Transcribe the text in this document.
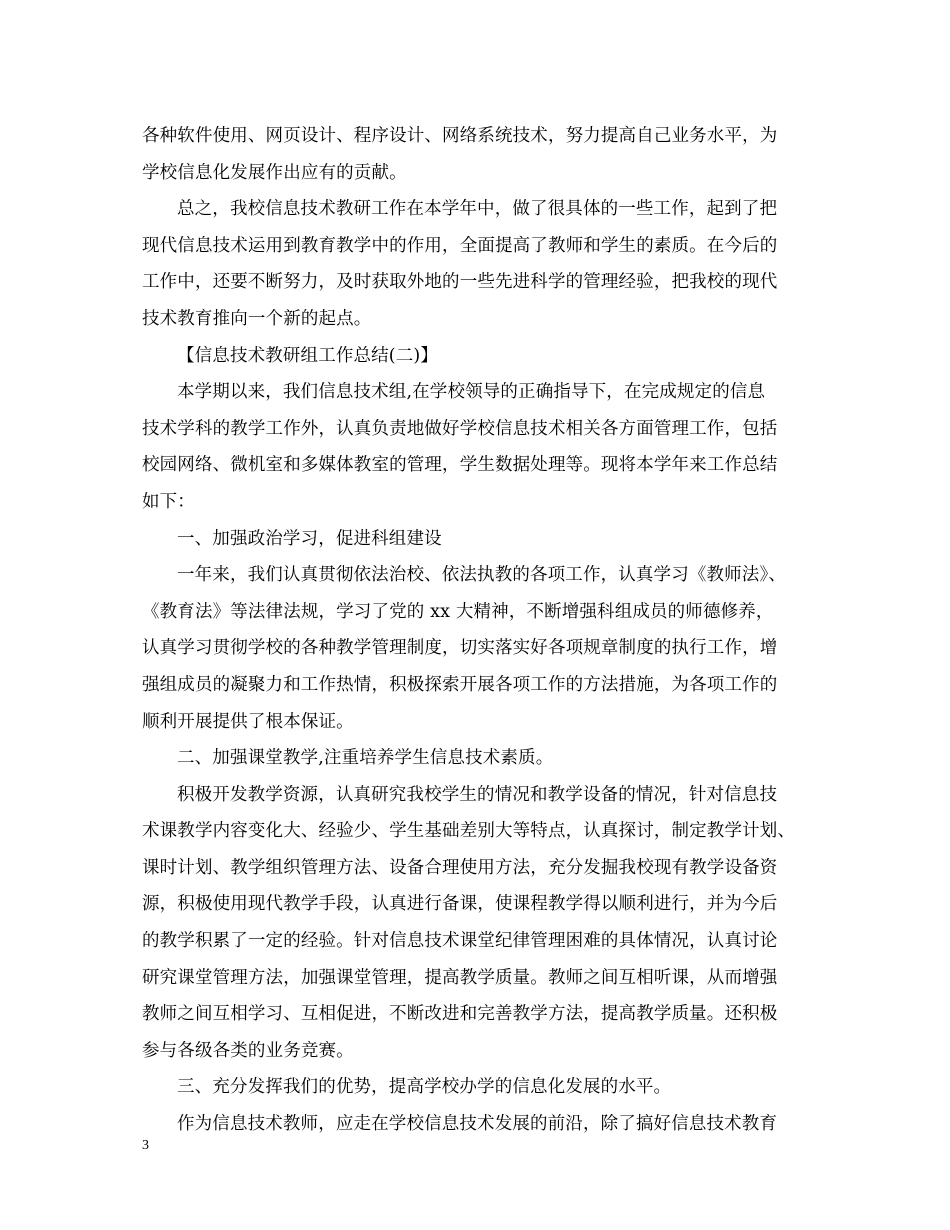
各种软件使用、网页设计、程序设计、网络系统技术，努力提高自己业务水平，为
学校信息化发展作出应有的贡献。
总之，我校信息技术教研工作在本学年中，做了很具体的一些工作，起到了把
现代信息技术运用到教育教学中的作用，全面提高了教师和学生的素质。在今后的
工作中，还要不断努力，及时获取外地的一些先进科学的管理经验，把我校的现代
技术教育推向一个新的起点。
【信息技术教研组工作总结(二)】
本学期以来，我们信息技术组,在学校领导的正确指导下，在完成规定的信息
技术学科的教学工作外，认真负责地做好学校信息技术相关各方面管理工作，包括
校园网络、微机室和多媒体教室的管理，学生数据处理等。现将本学年来工作总结
如下：
一、加强政治学习，促进科组建设
一年来，我们认真贯彻依法治校、依法执教的各项工作，认真学习《教师法》、
《教育法》等法律法规，学习了党的 xx 大精神，不断增强科组成员的师德修养，
认真学习贯彻学校的各种教学管理制度，切实落实好各项规章制度的执行工作，增
强组成员的凝聚力和工作热情，积极探索开展各项工作的方法措施，为各项工作的
顺利开展提供了根本保证。
二、加强课堂教学,注重培养学生信息技术素质。
积极开发教学资源，认真研究我校学生的情况和教学设备的情况，针对信息技
术课教学内容变化大、经验少、学生基础差别大等特点，认真探讨，制定教学计划、
课时计划、教学组织管理方法、设备合理使用方法，充分发掘我校现有教学设备资
源，积极使用现代教学手段，认真进行备课，使课程教学得以顺利进行，并为今后
的教学积累了一定的经验。针对信息技术课堂纪律管理困难的具体情况，认真讨论
研究课堂管理方法，加强课堂管理，提高教学质量。教师之间互相听课，从而增强
教师之间互相学习、互相促进，不断改进和完善教学方法，提高教学质量。还积极
参与各级各类的业务竞赛。
三、充分发挥我们的优势，提高学校办学的信息化发展的水平。
作为信息技术教师，应走在学校信息技术发展的前沿，除了搞好信息技术教育
3
